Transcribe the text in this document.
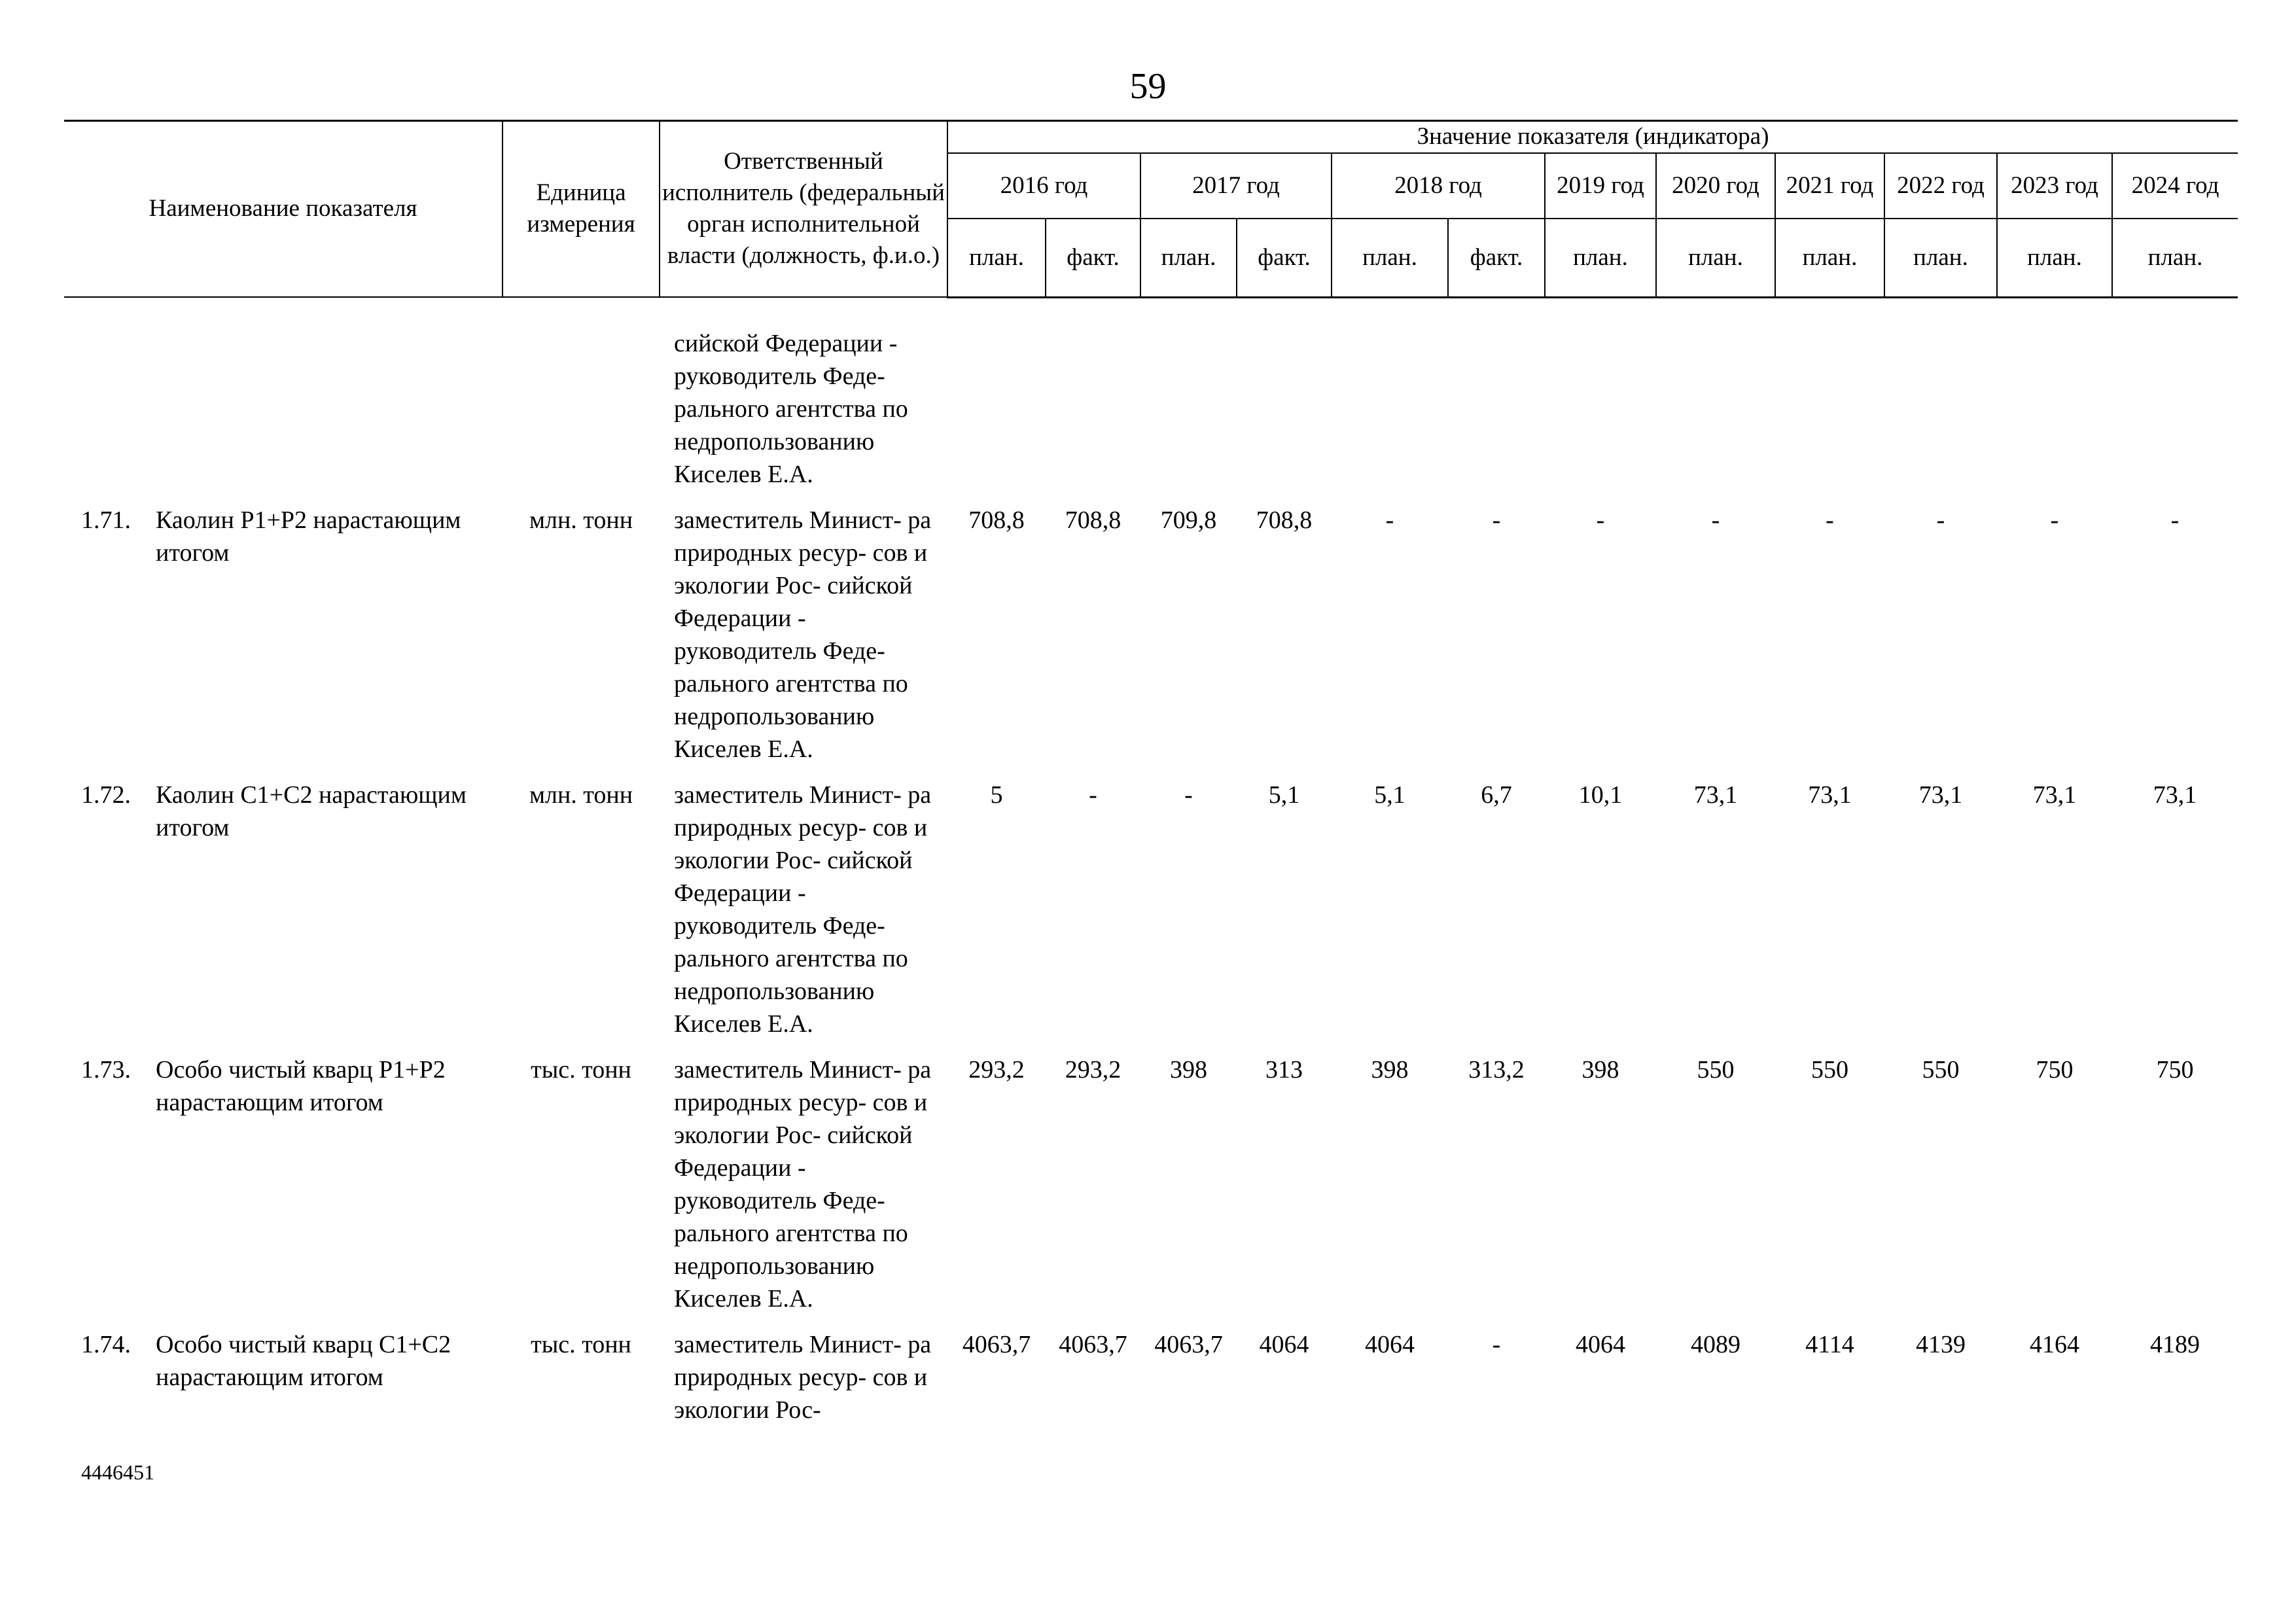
59
Наименование показателя	Единица измерения	Ответственный исполнитель (федеральный орган исполнительной власти (должность, ф.и.о.)	Значение показателя (индикатора)											
			2016 год		2017 год		2018 год		2019 год	2020 год	2021 год	2022 год	2023 год	2024 год
			план.	факт.	план.	факт.	план.	факт.	план.	план.	план.	план.	план.	план.
			сийской Федерации - руководитель Феде- рального агентства по недропользованию Киселев Е.А.												
1.71.	Каолин P1+P2 нарастающим итогом	млн. тонн	заместитель Минист- ра природных ресур- сов и экологии Рос- сийской Федерации - руководитель Феде- рального агентства по недропользованию Киселев Е.А.	708,8	708,8	709,8	708,8	-	-	-	-	-	-	-	-
1.72.	Каолин C1+C2 нарастающим итогом	млн. тонн	заместитель Минист- ра природных ресур- сов и экологии Рос- сийской Федерации - руководитель Феде- рального агентства по недропользованию Киселев Е.А.	5	-	-	5,1	5,1	6,7	10,1	73,1	73,1	73,1	73,1	73,1
1.73.	Особо чистый кварц P1+P2 нарастающим итогом	тыс. тонн	заместитель Минист- ра природных ресур- сов и экологии Рос- сийской Федерации - руководитель Феде- рального агентства по недропользованию Киселев Е.А.	293,2	293,2	398	313	398	313,2	398	550	550	550	750	750
1.74.	Особо чистый кварц C1+C2 нарастающим итогом	тыс. тонн	заместитель Минист- ра природных ресур- сов и экологии Рос-	4063,7	4063,7	4063,7	4064	4064	-	4064	4089	4114	4139	4164	4189
4446451
